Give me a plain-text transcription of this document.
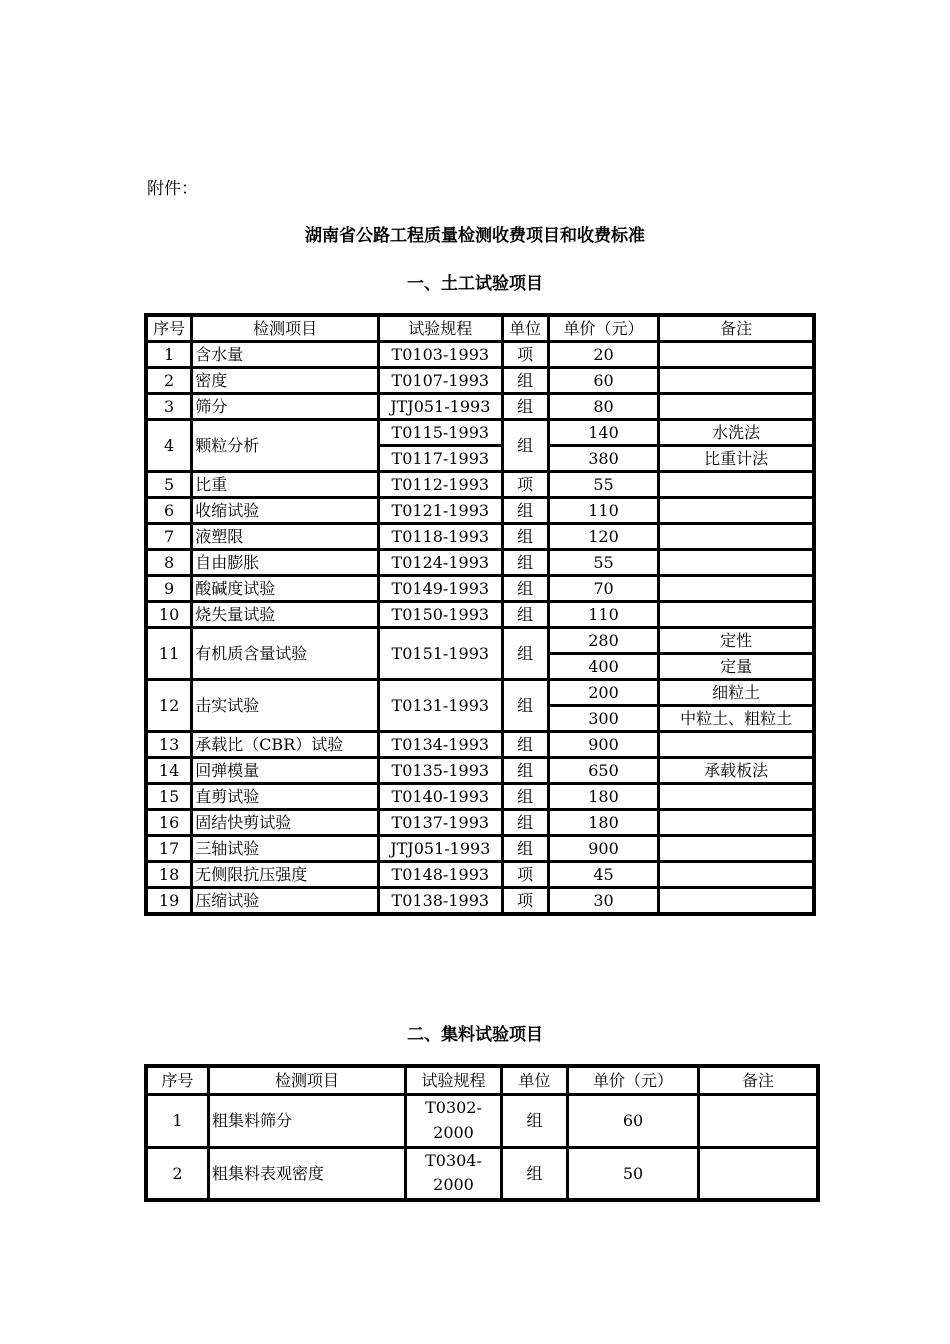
附件：
湖南省公路工程质量检测收费项目和收费标准
一、土工试验项目
序号	检测项目	试验规程	单位	单价（元）	备注
1	含水量	T0103-1993	项	20	
2	密度	T0107-1993	组	60	
3	筛分	JTJ051-1993	组	80	
4	颗粒分析	T0115-1993	组	140	水洗法
		T0117-1993		380	比重计法
5	比重	T0112-1993	项	55	
6	收缩试验	T0121-1993	组	110	
7	液塑限	T0118-1993	组	120	
8	自由膨胀	T0124-1993	组	55	
9	酸碱度试验	T0149-1993	组	70	
10	烧失量试验	T0150-1993	组	110	
11	有机质含量试验	T0151-1993	组	280	定性
				400	定量
12	击实试验	T0131-1993	组	200	细粒土
				300	中粒土、粗粒土
13	承载比（CBR）试验	T0134-1993	组	900	
14	回弹模量	T0135-1993	组	650	承载板法
15	直剪试验	T0140-1993	组	180	
16	固结快剪试验	T0137-1993	组	180	
17	三轴试验	JTJ051-1993	组	900	
18	无侧限抗压强度	T0148-1993	项	45	
19	压缩试验	T0138-1993	项	30	
二、集料试验项目
序号	检测项目	试验规程	单位	单价（元）	备注
1	粗集料筛分	T0302-2000	组	60	
2	粗集料表观密度	T0304-2000	组	50	
